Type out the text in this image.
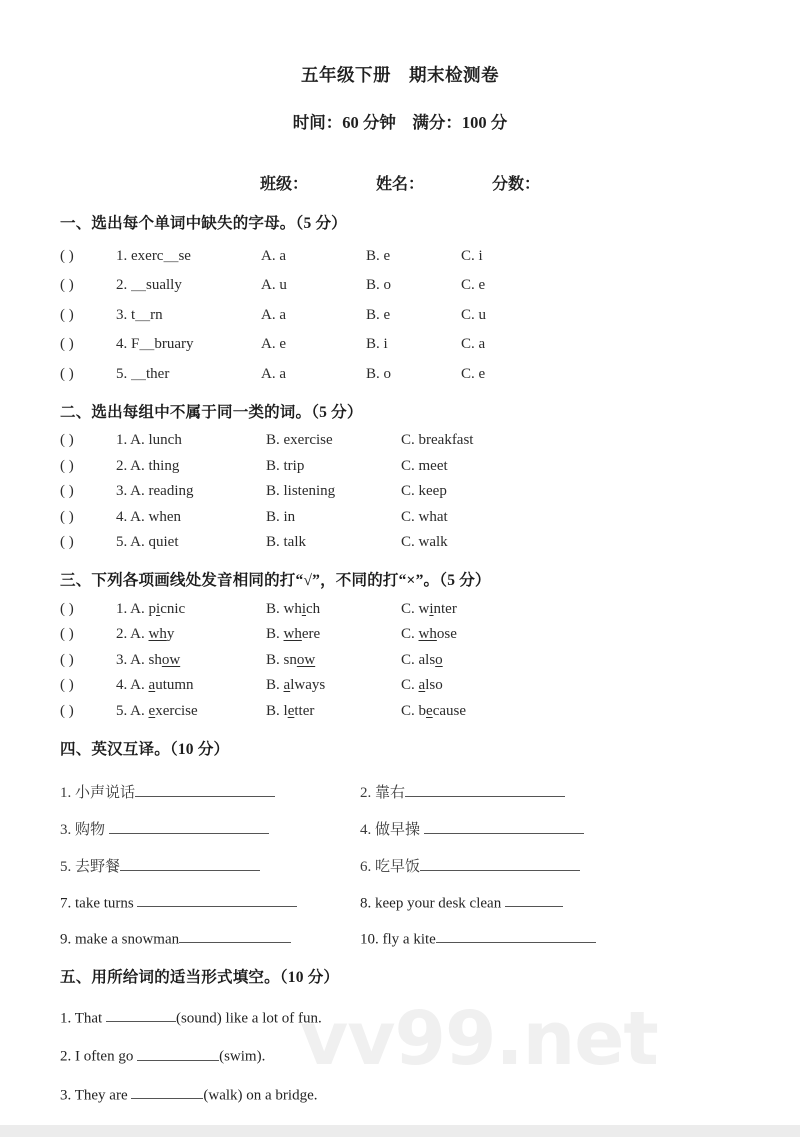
vv99.net
五年级下册　期末检测卷
时间：60 分钟　满分：100 分
班级：	姓名：	分数：
一、选出每个单词中缺失的字母。（5 分）
( )	1. exerc＿se	A. a	B. e	C. i
( )	2. ＿sually	A. u	B. o	C. e
( )	3. t＿rn	A. a	B. e	C. u
( )	4. F＿bruary	A. e	B. i	C. a
( )	5. ＿ther	A. a	B. o	C. e
二、选出每组中不属于同一类的词。（5 分）
( )	1. A. lunch	B. exercise	C. breakfast
( )	2. A. thing	B. trip	C. meet
( )	3. A. reading	B. listening	C. keep
( )	4. A. when	B. in	C. what
( )	5. A. quiet	B. talk	C. walk
三、下列各项画线处发音相同的打“√”，不同的打“×”。（5 分）
( )	1. A. picnic	B. which	C. winter
( )	2. A. why	B. where	C. whose
( )	3. A. show	B. snow	C. also
( )	4. A. autumn	B. always	C. also
( )	5. A. exercise	B. letter	C. because
四、英汉互译。（10 分）
1. 小声说话	2. 靠右
3. 购物	4. 做早操
5. 去野餐	6. 吃早饭
7. take turns	8. keep your desk clean
9. make a snowman	10. fly a kite
五、用所给词的适当形式填空。（10 分）
1. That	(sound) like a lot of fun.
2. I often go	(swim).
3. They are	(walk) on a bridge.
